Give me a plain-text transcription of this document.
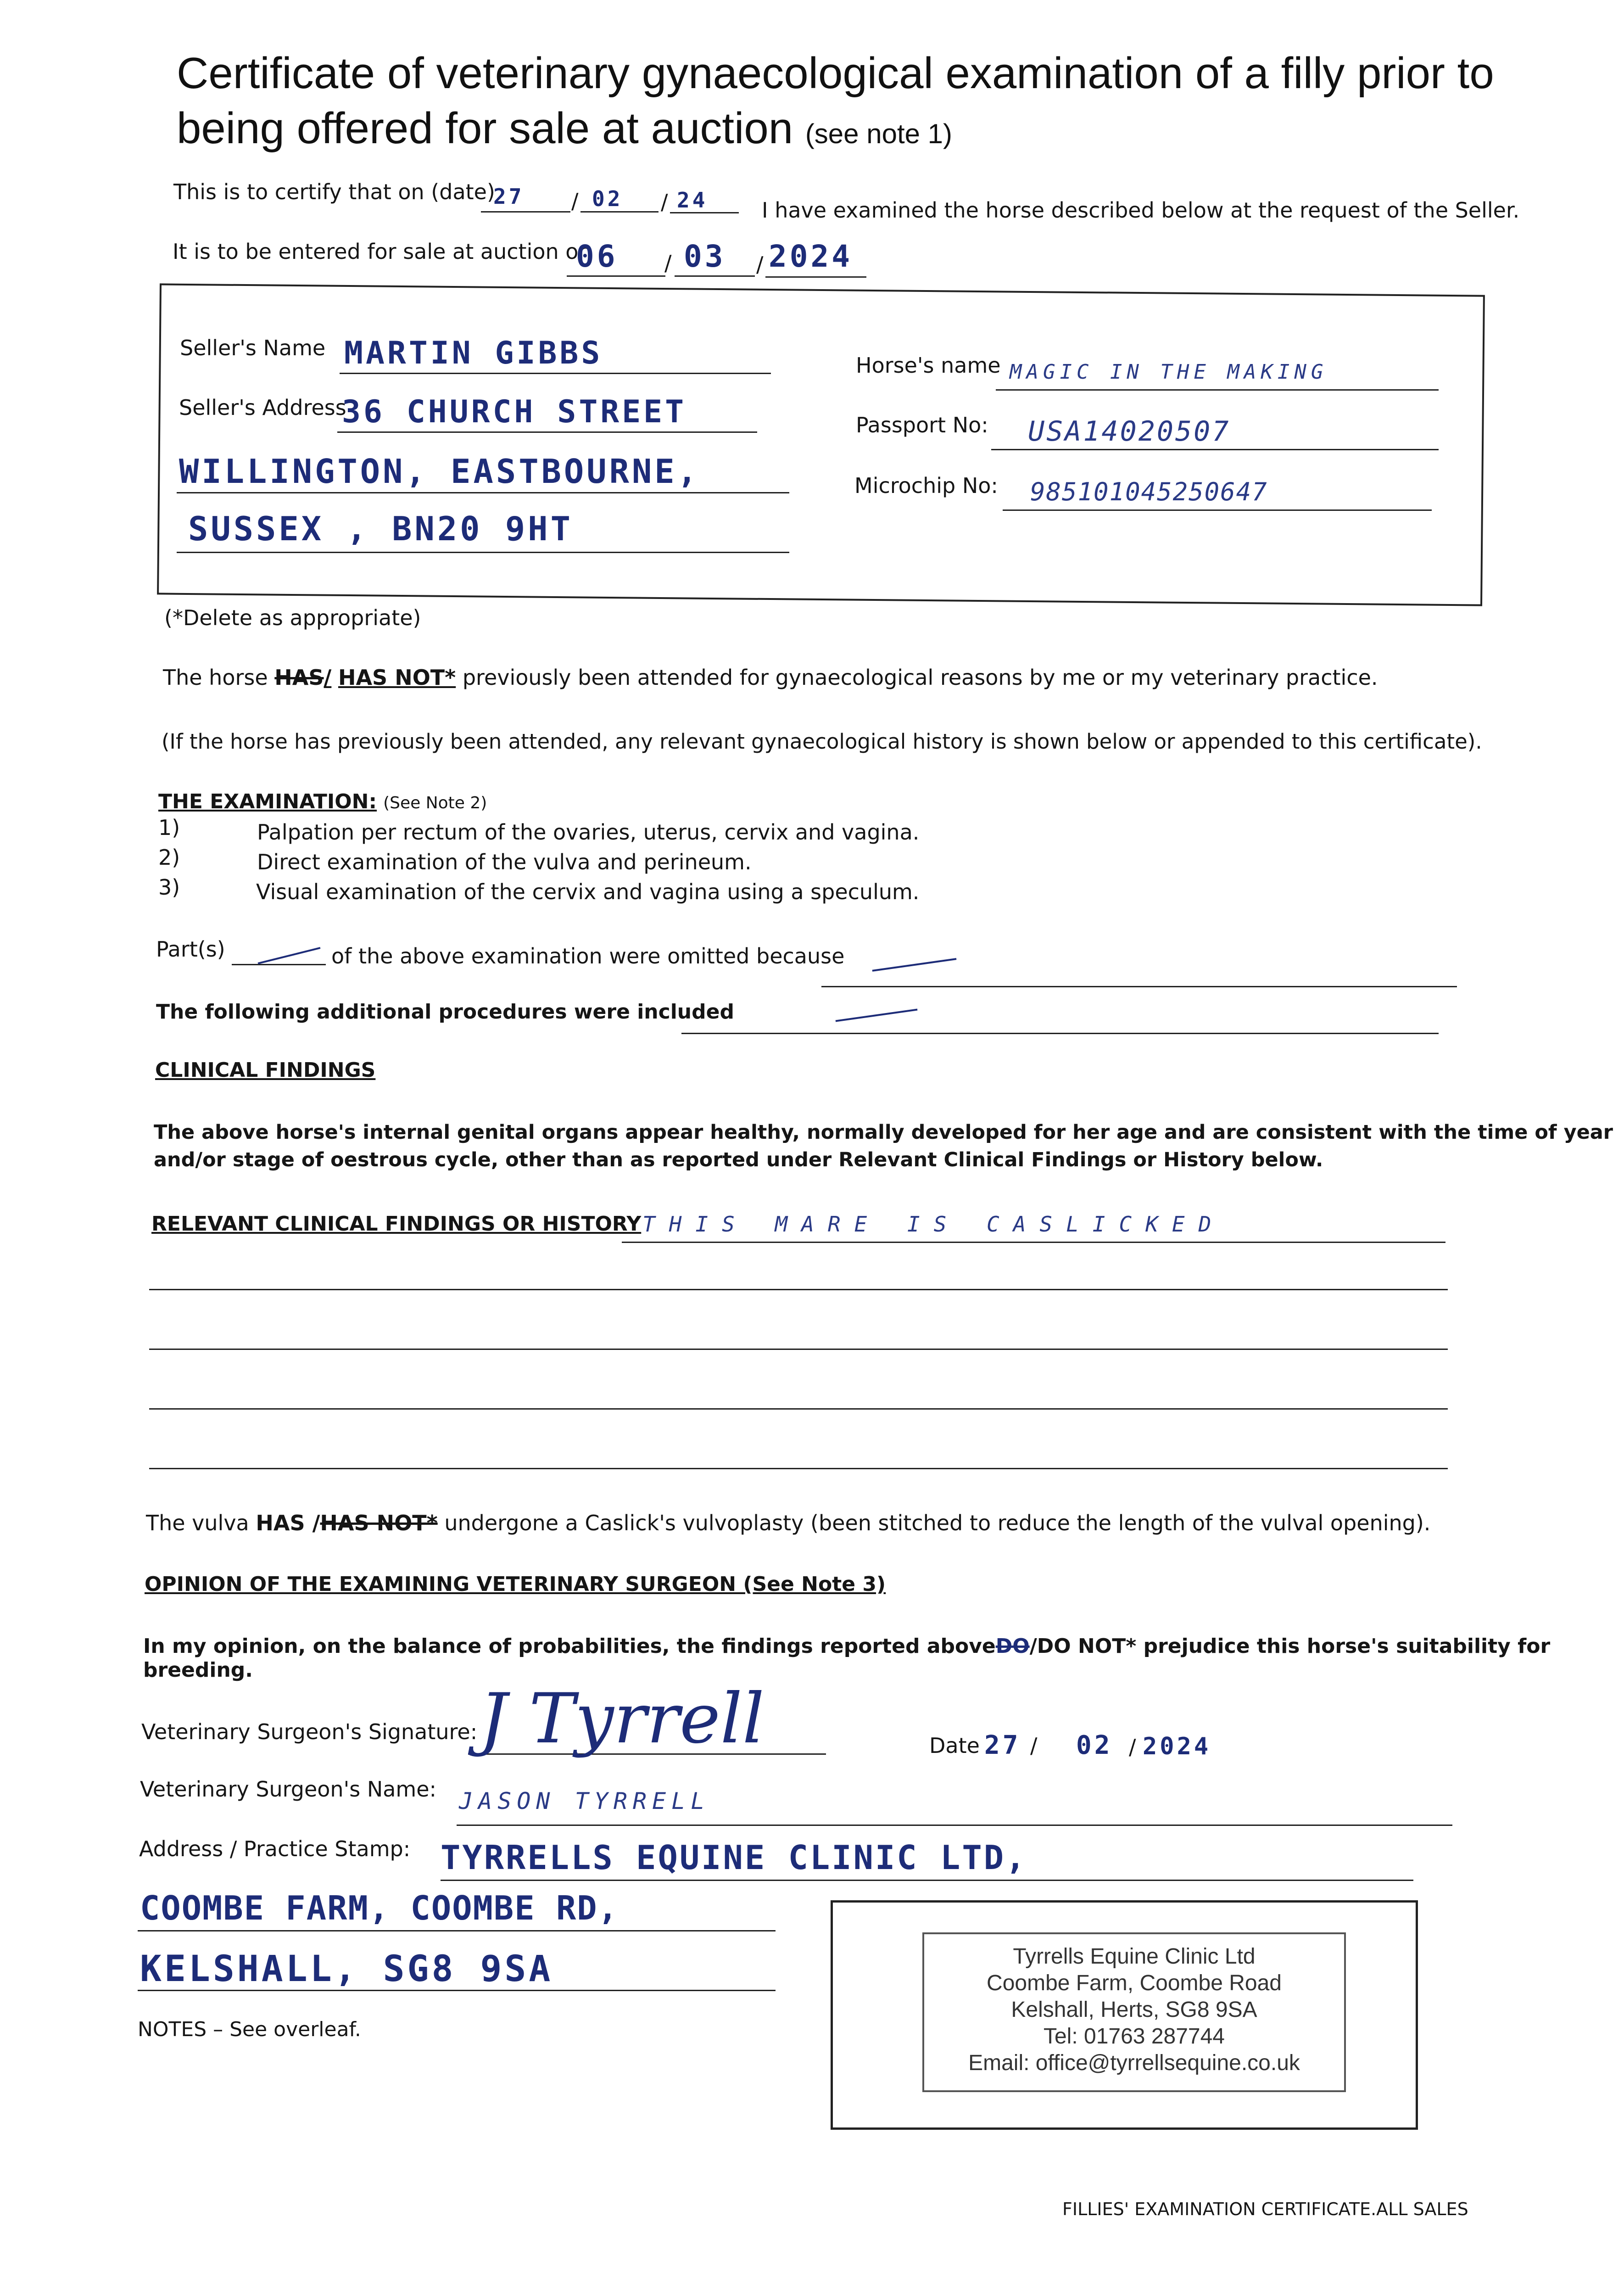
Certificate of veterinary gynaecological examination of a filly prior to
being offered for sale at auction (see note 1)
This is to certify that on (date)
27 / 02 / 24	I have examined the horse described below at the request of the Seller.
It is to be entered for sale at auction on
06 / 03 / 2024
Seller's Name MARTIN GIBBS
Seller's Address
36 CHURCH STREET
WILLINGTON, EASTBOURNE,
SUSSEX , BN20 9HT
Horse's name MAGIC IN THE MAKING
Passport No: USA14020507
Microchip No: 985101045250647
(*Delete as appropriate)
The horse HAS/ HAS NOT* previously been attended for gynaecological reasons by me or my veterinary practice.
(If the horse has previously been attended, any relevant gynaecological history is shown below or appended to this certificate).
THE EXAMINATION: (See Note 2)
1)	Palpation per rectum of the ovaries, uterus, cervix and vagina.
2)	Direct examination of the vulva and perineum.
3)	Visual examination of the cervix and vagina using a speculum.
Part(s)	of the above examination were omitted because
The following additional procedures were included
CLINICAL FINDINGS
The above horse's internal genital organs appear healthy, normally developed for her age and are consistent with the time of year
and/or stage of oestrous cycle, other than as reported under Relevant Clinical Findings or History below.
RELEVANT CLINICAL FINDINGS OR HISTORY THIS MARE IS CASLICKED
The vulva HAS /HAS NOT* undergone a Caslick's vulvoplasty (been stitched to reduce the length of the vulval opening).
OPINION OF THE EXAMINING VETERINARY SURGEON (See Note 3)
In my opinion, on the balance of probabilities, the findings reported aboveDO/DO NOT* prejudice this horse's suitability for
breeding.
Veterinary Surgeon's Signature: J Tyrrell	Date 27 / 02 / 2024
Veterinary Surgeon's Name: JASON TYRRELL
Address / Practice Stamp: TYRRELLS EQUINE CLINIC LTD,
COOMBE FARM, COOMBE RD,
KELSHALL, SG8 9SA
NOTES – See overleaf.
Tyrrells Equine Clinic Ltd
Coombe Farm, Coombe Road
Kelshall, Herts, SG8 9SA
Tel: 01763 287744
Email: office@tyrrellsequine.co.uk
FILLIES' EXAMINATION CERTIFICATE.ALL SALES
